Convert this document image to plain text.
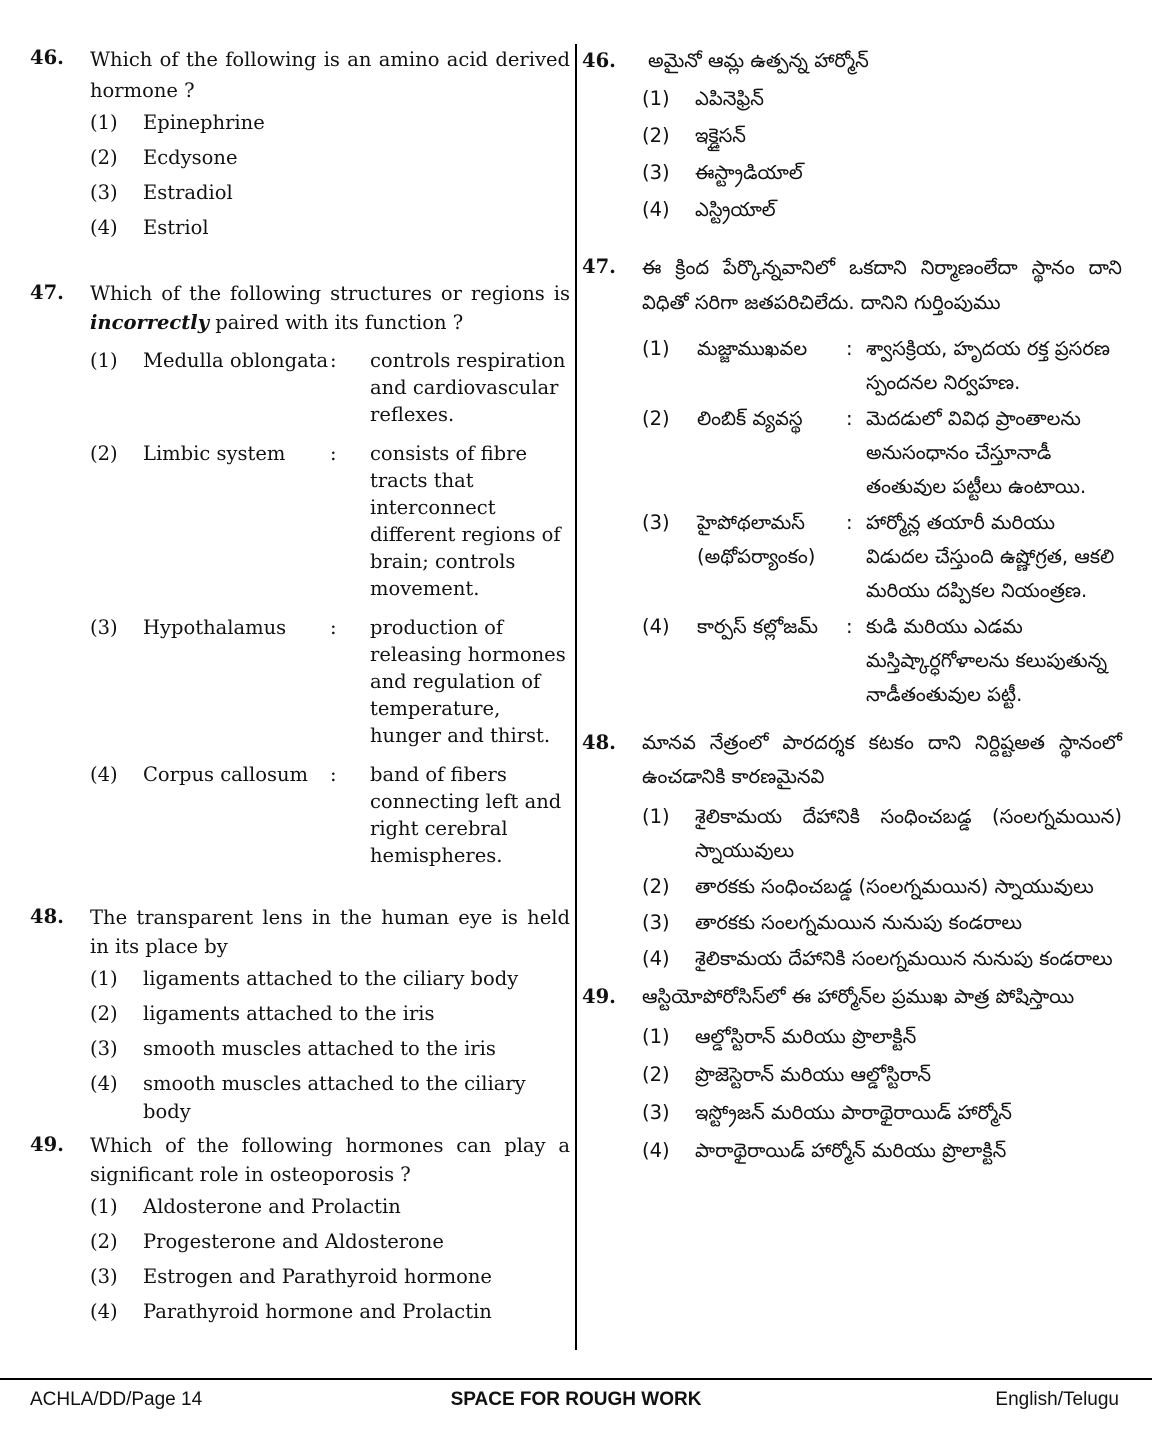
46. Which of the following is an amino acid derived hormone ?
(1) Epinephrine
(2) Ecdysone
(3) Estradiol
(4) Estriol
47. Which of the following structures or regions is incorrectly paired with its function ?
(1) Medulla oblongata : controls respiration and cardiovascular reflexes.
(2) Limbic system : consists of fibre tracts that interconnect different regions of brain; controls movement.
(3) Hypothalamus : production of releasing hormones and regulation of temperature, hunger and thirst.
(4) Corpus callosum : band of fibers connecting left and right cerebral hemispheres.
48. The transparent lens in the human eye is held in its place by
(1) ligaments attached to the ciliary body
(2) ligaments attached to the iris
(3) smooth muscles attached to the iris
(4) smooth muscles attached to the ciliary body
49. Which of the following hormones can play a significant role in osteoporosis ?
(1) Aldosterone and Prolactin
(2) Progesterone and Aldosterone
(3) Estrogen and Parathyroid hormone
(4) Parathyroid hormone and Prolactin
46. అమైనో ఆమ్ల ఉత్పన్న హార్మోన్
(1) ఎపినెఫ్రిన్
(2) ఇక్డైసన్
(3) ఈస్ట్రాడియాల్
(4) ఎస్ట్రియాల్
47. ఈ క్రింద పేర్కొన్నవానిలో ఒకదాని నిర్మాణంలేదా స్థానం దాని విధితో సరిగా జతపరిచిలేదు. దానిని గుర్తింపుము
(1) మజ్జాముఖవల : శ్వాసక్రియ, హృదయ రక్త ప్రసరణ స్పందనల నిర్వహణ.
(2) లింబిక్ వ్యవస్థ : మెదడులో వివిధ ప్రాంతాలను అనుసంధానం చేస్తూనాడీ తంతువుల పట్టీలు ఉంటాయి.
(3) హైపోథలామస్ (అథోపర్యాంకం)
: హార్మోన్ల తయారీ మరియు విడుదల చేస్తుంది ఉష్ణోగ్రత, ఆకలి మరియు దప్పికల నియంత్రణ.
(4) కార్పస్ కల్లోజమ్ : కుడి మరియు ఎడమ మస్తిష్కార్ధగోళాలను కలుపుతున్న నాడీతంతువుల పట్టీ.
48. మానవ నేత్రంలో పారదర్శక కటకం దాని నిర్దిష్టఅత స్థానంలో ఉంచడానికి కారణమైనవి
(1) శైలికామయ దేహానికి సంధించబడ్డ (సంలగ్నమయిన) స్నాయువులు
(2) తారకకు సంధించబడ్డ (సంలగ్నమయిన) స్నాయువులు
(3) తారకకు సంలగ్నమయిన నునుపు కండరాలు
(4) శైలికామయ దేహానికి సంలగ్నమయిన నునుపు కండరాలు
49. ఆస్టియోపోరోసిస్‌లో ఈ హార్మోన్‌ల ప్రముఖ పాత్ర పోషిస్తాయి
(1) ఆల్డోస్టిరాన్ మరియు ప్రొలాక్టిన్
(2) ప్రొజెస్టెరాన్ మరియు ఆల్డోస్టిరాన్
(3) ఇస్ట్రోజన్ మరియు పారాథైరాయిడ్ హార్మోన్
(4) పారాథైరాయిడ్ హార్మోన్ మరియు ప్రొలాక్టిన్
ACHLA/DD/Page 14	SPACE FOR ROUGH WORK	English/Telugu
